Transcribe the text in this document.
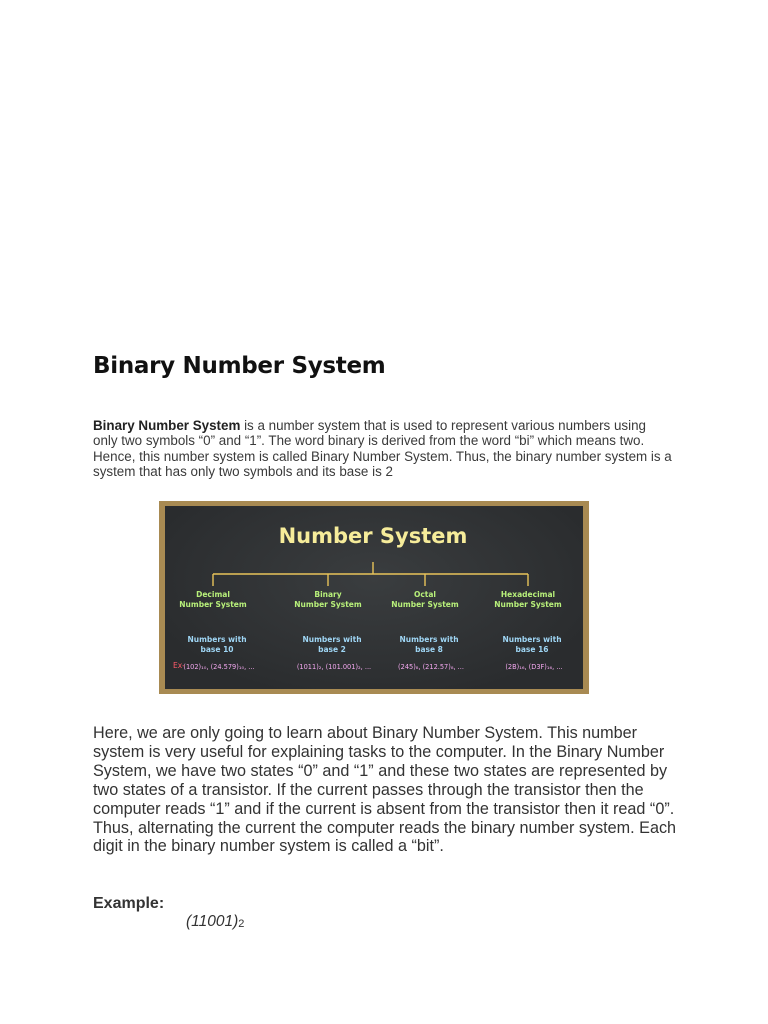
Binary Number System

Binary Number System is a number system that is used to represent various numbers using only two symbols “0” and “1”. The word binary is derived from the word “bi” which means two. Hence, this number system is called Binary Number System. Thus, the binary number system is a system that has only two symbols and its base is 2

Number System
Decimal
Number System
Numbers with
base 10
(102)₁₀, (24.579)₁₀, ...
Binary
Number System
Numbers with
base 2
(1011)₂, (101.001)₂, ...
Octal
Number System
Numbers with
base 8
(245)₈, (212.57)₈, ...
Hexadecimal
Number System
Numbers with
base 16
(2B)₁₆, (D3F)₁₆, ...
Ex-

Here, we are only going to learn about Binary Number System. This number system is very useful for explaining tasks to the computer. In the Binary Number System, we have two states “0” and “1” and these two states are represented by two states of a transistor. If the current passes through the transistor then the computer reads “1” and if the current is absent from the transistor then it read “0”. Thus, alternating the current the computer reads the binary number system. Each digit in the binary number system is called a “bit”.

Example:

$(11001)_2$
